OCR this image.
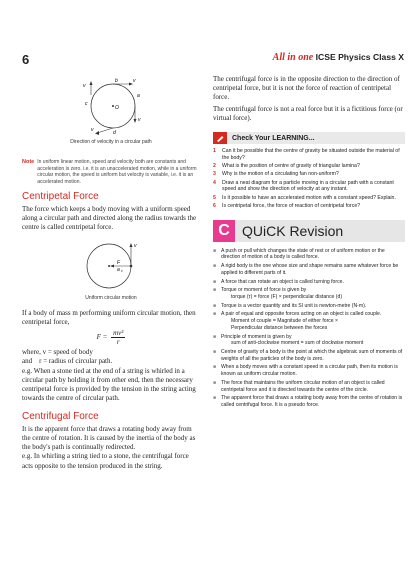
6	All in one ICSE Physics Class X
b
v
a
c
O
v
d
v
v
Direction of velocity in a circular path
Note In uniform linear motion, speed and velocity both are constants and acceleration is zero. i.e. it is an unaccelerated motion, while in a uniform circular motion, the speed is uniform but velocity is variable, i.e. it is an accelerated motion.
Centripetal Force

The force which keeps a body moving with a uniform speed along a circular path and directed along the radius towards the centre is called centripetal force.

v
F
a c
Uniform circular motion

If a body of mass m performing uniform circular motion, then centripetal force,

$F = \frac{\text{mv²}}{r}$

where, v = speed of body

and    r = radius of circular path.

e.g. When a stone tied at the end of a string is whirled in a circular path by holding it from other end, then the necessary centripetal force is provided by the tension in the string acting towards the centre of circular path.

Centrifugal Force

It is the apparent force that draws a rotating body away from the centre of rotation. It is caused by the inertia of the body as the body's path is continually redirected.

e.g. In whirling a string tied to a stone, the centrifugal force acts opposite to the tension produced in the string.

The centrifugal force is in the opposite direction to the direction of centripetal force, but it is not the force of reaction of centripetal force.

The centrifugal force is not a real force but it is a fictitious force (or virtual force).

Check Your LEARNING...
1	Can it be possible that the centre of gravity be situated outside the material of the body?
2	What is the position of centre of gravity of triangular lamina?
3	Why is the motion of a circulating fan non-uniform?
4	Draw a neat diagram for a particle moving in a circular path with a constant speed and show the direction of velocity at any instant.
5	Is it possible to have an accelerated motion with a constant speed? Explain.
6	Is centripetal force, the force of reaction of centripetal force?
C QUiCK Revision
■ A push or pull which changes the state of rest or of uniform motion or the direction of motion of a body is called force.
■ A rigid body is the one whose size and shape remains same whatever force be applied to different parts of it.
■ A force that can rotate an object is called turning force.
■ Torque or moment of force is given by

torque (τ) = force (F) × perpendicular distance (d)
■ Torque is a vector quantity and its SI unit is newton-metre (N-m).
■ A pair of equal and opposite forces acting on an object is called couple.

Moment of couple = Magnitude of either force ×
Perpendicular distance between the forces
■ Principle of moment is given by

sum of anti-clockwise moment = sum of clockwise moment
■ Centre of gravity of a body is the point at which the algebraic sum of moments of weights of all the particles of the body is zero.
■ When a body moves with a constant speed in a circular path, then its motion is known as uniform circular motion.
■ The force that maintains the uniform circular motion of an object is called centripetal force and it is directed towards the centre of the circle.
■ The apparent force that draws a rotating body away from the centre of rotation is called centrifugal force. It is a pseudo force.
